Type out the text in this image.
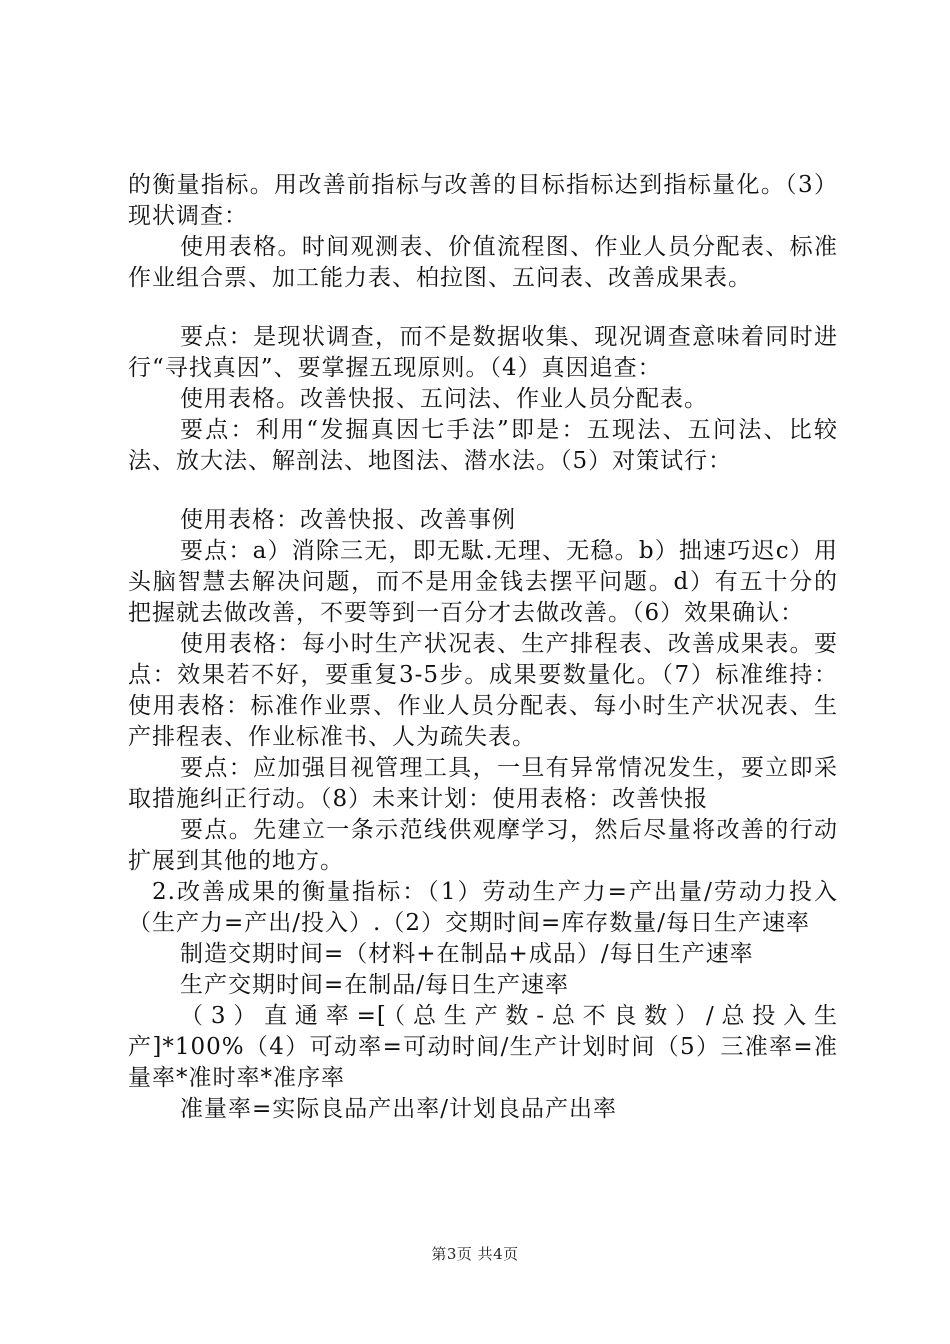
的衡量指标。用改善前指标与改善的目标指标达到指标量化。（3）现状调查：

使用表格。时间观测表、价值流程图、作业人员分配表、标准作业组合票、加工能力表、柏拉图、五问表、改善成果表。

要点：是现状调查，而不是数据收集、现况调查意味着同时进行“寻找真因”、要掌握五现原则。（4）真因追查：

使用表格。改善快报、五问法、作业人员分配表。

要点：利用“发掘真因七手法”即是：五现法、五问法、比较法、放大法、解剖法、地图法、潜水法。（5）对策试行：

使用表格：改善快报、改善事例

要点：a）消除三无，即无駄.无理、无稳。b）拙速巧迟c）用头脑智慧去解决问题，而不是用金钱去摆平问题。d）有五十分的把握就去做改善，不要等到一百分才去做改善。（6）效果确认：

使用表格：每小时生产状况表、生产排程表、改善成果表。要点：效果若不好，要重复3-5步。成果要数量化。（7）标准维持：使用表格：标准作业票、作业人员分配表、每小时生产状况表、生产排程表、作业标准书、人为疏失表。

要点：应加强目视管理工具，一旦有异常情况发生，要立即采取措施纠正行动。（8）未来计划：使用表格：改善快报

要点。先建立一条示范线供观摩学习，然后尽量将改善的行动扩展到其他的地方。

2.改善成果的衡量指标：（1）劳动生产力=产出量/劳动力投入（生产力=产出/投入）.（2）交期时间=库存数量/每日生产速率

制造交期时间=（材料+在制品+成品）/每日生产速率

生产交期时间=在制品/每日生产速率

（3）直通率=[（总生产数-总不良数）/总投入生产]*100%（4）可动率=可动时间/生产计划时间（5）三准率=准量率*准时率*准序率

准量率=实际良品产出率/计划良品产出率

第3页 共4页
